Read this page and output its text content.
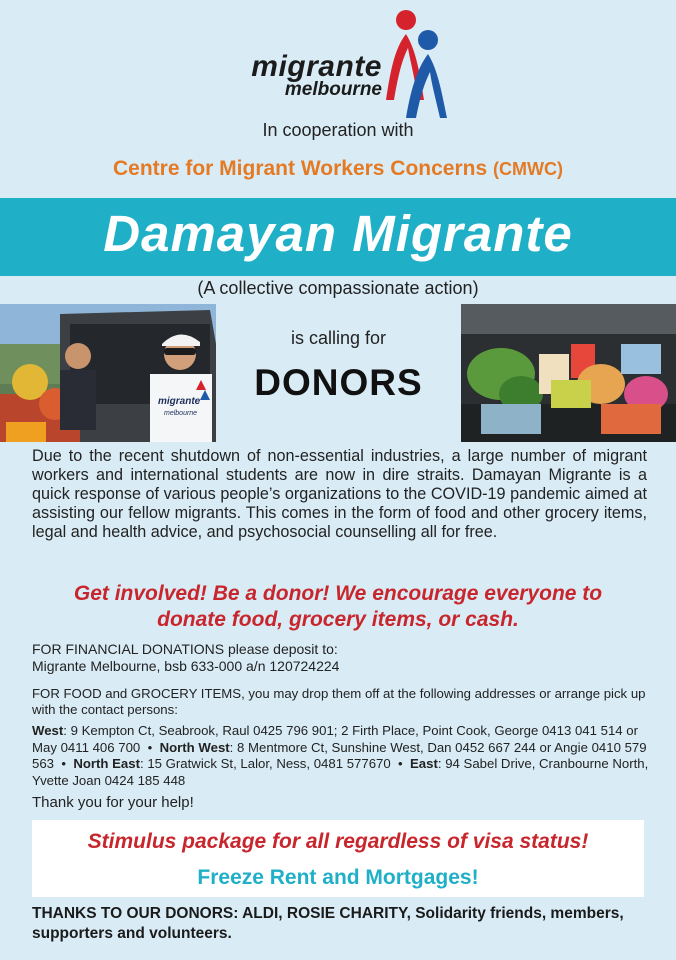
migrante
melbourne
In cooperation with
Centre for Migrant Workers Concerns (CMWC)
Damayan Migrante
(A collective compassionate action)
migrante
melbourne
is calling for
DONORS
Due to the recent shutdown of non-essential industries, a large number of migrant workers and international students are now in dire straits. Damayan Migrante is a quick response of various people’s organizations to the COVID-19 pandemic aimed at assisting our fellow migrants. This comes in the form of food and other grocery items, legal and health advice, and psychosocial counselling all for free.
Get involved! Be a donor! We encourage everyone to
donate food, grocery items, or cash.
FOR FINANCIAL DONATIONS please deposit to:
Migrante Melbourne, bsb 633-000 a/n 120724224
FOR FOOD and GROCERY ITEMS, you may drop them off at the following addresses or arrange pick up with the contact persons:
West: 9 Kempton Ct, Seabrook, Raul 0425 796 901; 2 Firth Place, Point Cook, George 0413 041 514 or May 0411 406 700  •  North West: 8 Mentmore Ct, Sunshine West, Dan 0452 667 244 or Angie 0410 579 563  •  North East: 15 Gratwick St, Lalor, Ness, 0481 577670  •  East: 94 Sabel Drive, Cranbourne North, Yvette Joan 0424 185 448
Thank you for your help!
Stimulus package for all regardless of visa status!
Freeze Rent and Mortgages!
THANKS TO OUR DONORS: ALDI, ROSIE CHARITY, Solidarity friends, members, supporters and volunteers.
